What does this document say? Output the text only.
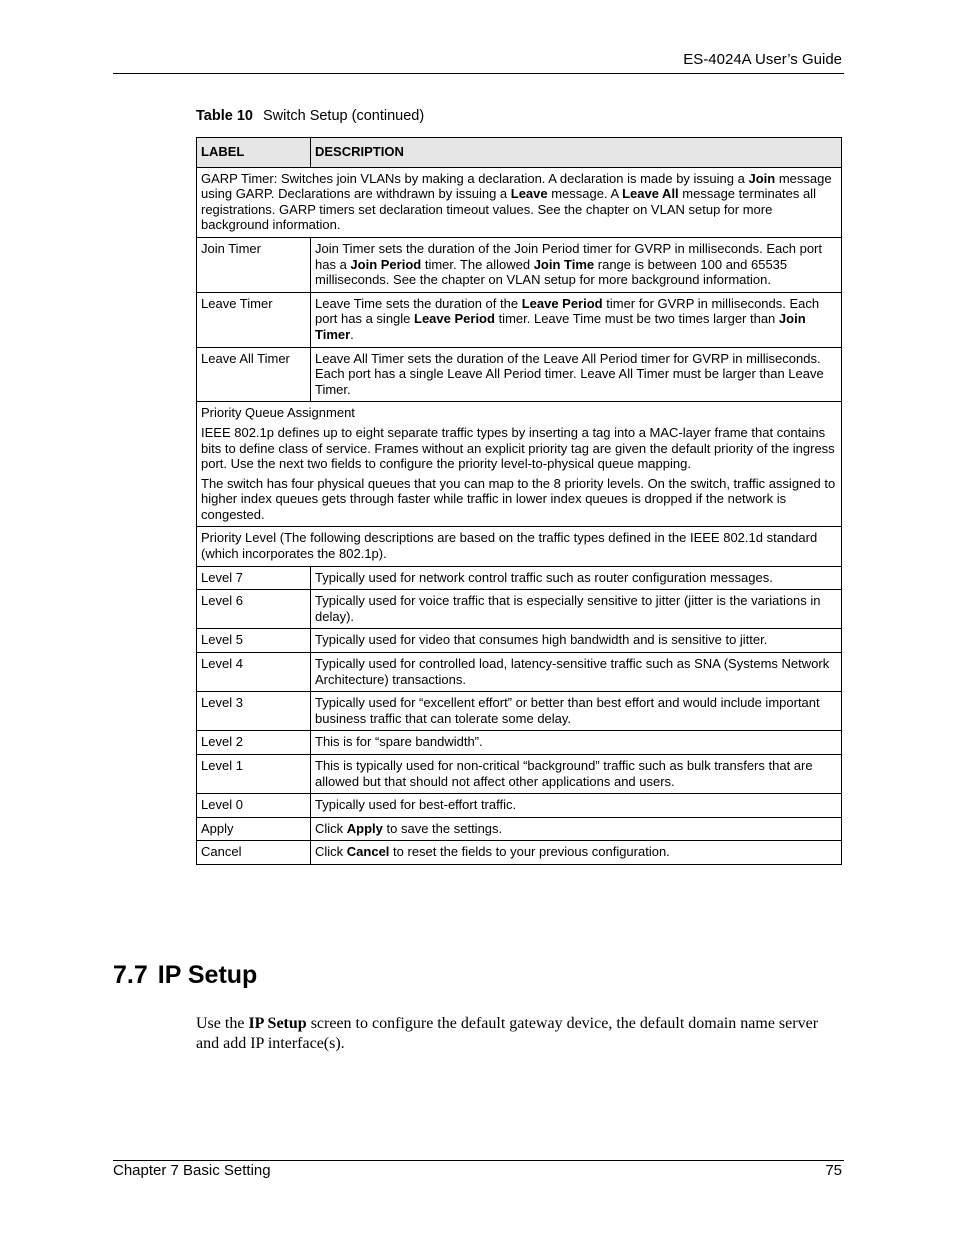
ES-4024A User’s Guide
Table 10 Switch Setup (continued)
LABEL	DESCRIPTION
GARP Timer: Switches join VLANs by making a declaration. A declaration is made by issuing a Join message using GARP. Declarations are withdrawn by issuing a Leave message. A Leave All message terminates all registrations. GARP timers set declaration timeout values. See the chapter on VLAN setup for more background information.	
Join Timer	Join Timer sets the duration of the Join Period timer for GVRP in milliseconds. Each port has a Join Period timer. The allowed Join Time range is between 100 and 65535 milliseconds. See the chapter on VLAN setup for more background information.
Leave Timer	Leave Time sets the duration of the Leave Period timer for GVRP in milliseconds. Each port has a single Leave Period timer. Leave Time must be two times larger than Join Timer.
Leave All Timer	Leave All Timer sets the duration of the Leave All Period timer for GVRP in milliseconds. Each port has a single Leave All Period timer. Leave All Timer must be larger than Leave Timer.

Priority Queue Assignment
IEEE 802.1p defines up to eight separate traffic types by inserting a tag into a MAC-layer frame that contains bits to define class of service. Frames without an explicit priority tag are given the default priority of the ingress port. Use the next two fields to configure the priority level-to-physical queue mapping.
The switch has four physical queues that you can map to the 8 priority levels. On the switch, traffic assigned to higher index queues gets through faster while traffic in lower index queues is dropped if the network is congested.	

Priority Level (The following descriptions are based on the traffic types defined in the IEEE 802.1d standard (which incorporates the 802.1p).	
Level 7	Typically used for network control traffic such as router configuration messages.
Level 6	Typically used for voice traffic that is especially sensitive to jitter (jitter is the variations in delay).
Level 5	Typically used for video that consumes high bandwidth and is sensitive to jitter.
Level 4	Typically used for controlled load, latency-sensitive traffic such as SNA (Systems Network Architecture) transactions.
Level 3	Typically used for “excellent effort” or better than best effort and would include important business traffic that can tolerate some delay.
Level 2	This is for “spare bandwidth”.
Level 1	This is typically used for non-critical “background” traffic such as bulk transfers that are allowed but that should not affect other applications and users.
Level 0	Typically used for best-effort traffic.
Apply	Click Apply to save the settings.
Cancel	Click Cancel to reset the fields to your previous configuration.
7.7 IP Setup

Use the IP Setup screen to configure the default gateway device, the default domain name server and add IP interface(s).

Chapter 7 Basic Setting	75
